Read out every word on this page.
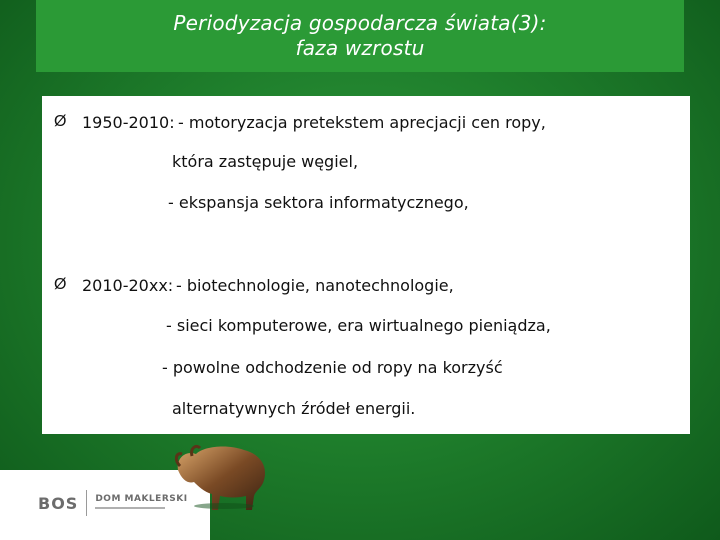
Periodyzacja gospodarcza świata(3):
faza wzrostu
Ø 1950-2010: - motoryzacja pretekstem aprecjacji cen ropy,
która zastępuje węgiel,
- ekspansja sektora informatycznego,
Ø 2010-20xx: - biotechnologie, nanotechnologie,
- sieci komputerowe, era wirtualnego pieniądza,
- powolne odchodzenie od ropy na korzyść
alternatywnych źródeł energii.
BOS DOM MAKLERSKI
